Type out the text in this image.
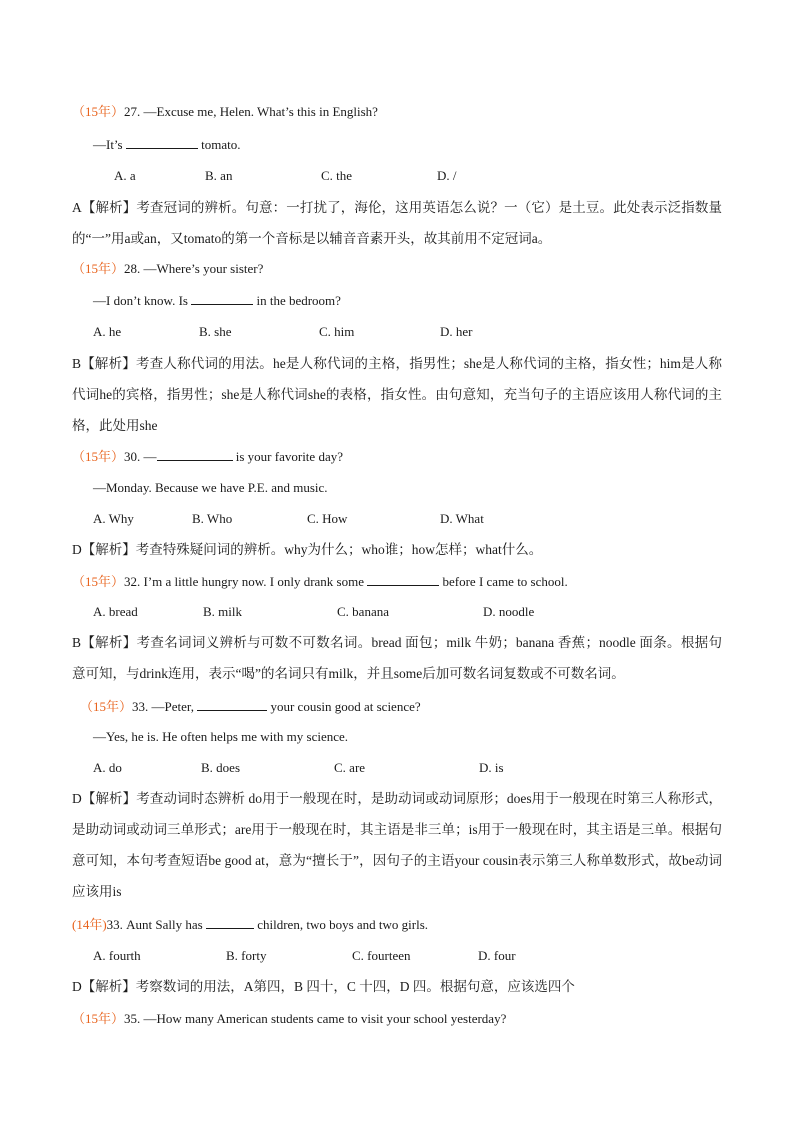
（15年）27. —Excuse me, Helen. What’s this in English?
—It’s	tomato.
A. a	B. an	C. the	D. /
A【解析】考查冠词的辨析。句意：一打扰了，海伦，这用英语怎么说？一（它）是土豆。此处表示泛指数量的“一”用a或an，又tomato的第一个音标是以辅音音素开头，故其前用不定冠词a。
（15年）28. —Where’s your sister?
—I don’t know. Is	in the bedroom?
A. he	B. she	C. him	D. her
B【解析】考查人称代词的用法。he是人称代词的主格，指男性；she是人称代词的主格，指女性；him是人称代词he的宾格，指男性；she是人称代词she的表格，指女性。由句意知，充当句子的主语应该用人称代词的主格，此处用she
（15年）30. —	is your favorite day?
—Monday. Because we have P.E. and music.
A. Why	B. Who	C. How	D. What
D【解析】考查特殊疑问词的辨析。why为什么；who谁；how怎样；what什么。
（15年）32. I’m a little hungry now. I only drank some	before I came to school.
A. bread	B. milk	C. banana	D. noodle
B【解析】考查名词词义辨析与可数不可数名词。bread 面包；milk 牛奶；banana 香蕉；noodle 面条。根据句意可知，与drink连用，表示“喝”的名词只有milk，并且some后加可数名词复数或不可数名词。
（15年）33. —Peter,	your cousin good at science?
—Yes, he is. He often helps me with my science.
A. do	B. does	C. are	D. is
D【解析】考查动词时态辨析 do用于一般现在时，是助动词或动词原形；does用于一般现在时第三人称形式，是助动词或动词三单形式；are用于一般现在时，其主语是非三单；is用于一般现在时，其主语是三单。根据句意可知，本句考查短语be good at，意为“擅长于”，因句子的主语your cousin表示第三人称单数形式，故be动词应该用is
(14年)33. Aunt Sally has	children, two boys and two girls.
A. fourth	B. forty	C. fourteen	D. four
D【解析】考察数词的用法，A第四，B 四十，C 十四，D 四。根据句意，应该选四个
（15年）35. —How many American students came to visit your school yesterday?
